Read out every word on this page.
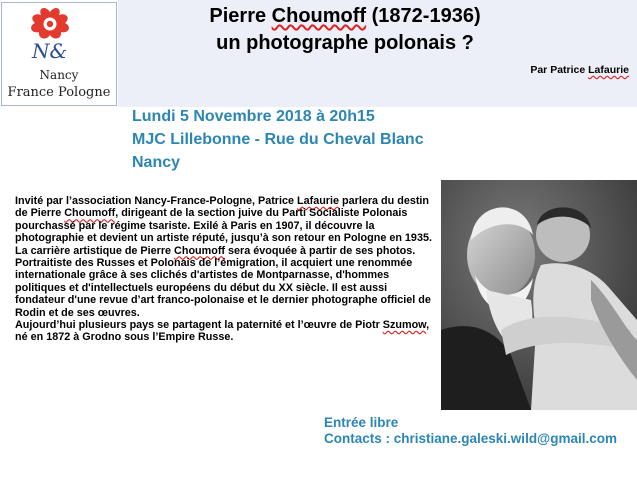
N&
Nancy
France Pologne
Pierre Choumoff (1872-1936)
un photographe polonais ?
Par Patrice Lafaurie
Lundi 5 Novembre 2018 à 20h15
MJC Lillebonne - Rue du Cheval Blanc
Nancy

Invité par l’association Nancy-France-Pologne, Patrice Lafaurie parlera du destin de Pierre Choumoff, dirigeant de la section juive du Parti Socialiste Polonais pourchassé par le régime tsariste. Exilé à Paris en 1907, il découvre la photographie et devient un artiste réputé, jusqu’à son retour en Pologne en 1935.

La carrière artistique de Pierre Choumoff sera évoquée à partir de ses photos. Portraitiste des Russes et Polonais de l’émigration, il acquiert une renommée internationale grâce à ses clichés d'artistes de Montparnasse, d'hommes politiques et d'intellectuels européens du début du XX siècle. Il est aussi fondateur d'une revue d’art franco-polonaise et le dernier photographe officiel de Rodin et de ses œuvres.

Aujourd’hui plusieurs pays se partagent la paternité et l’œuvre de Piotr Szumow, né en 1872 à Grodno sous l’Empire Russe.

Entrée libre
Contacts : christiane.galeski.wild@gmail.com
